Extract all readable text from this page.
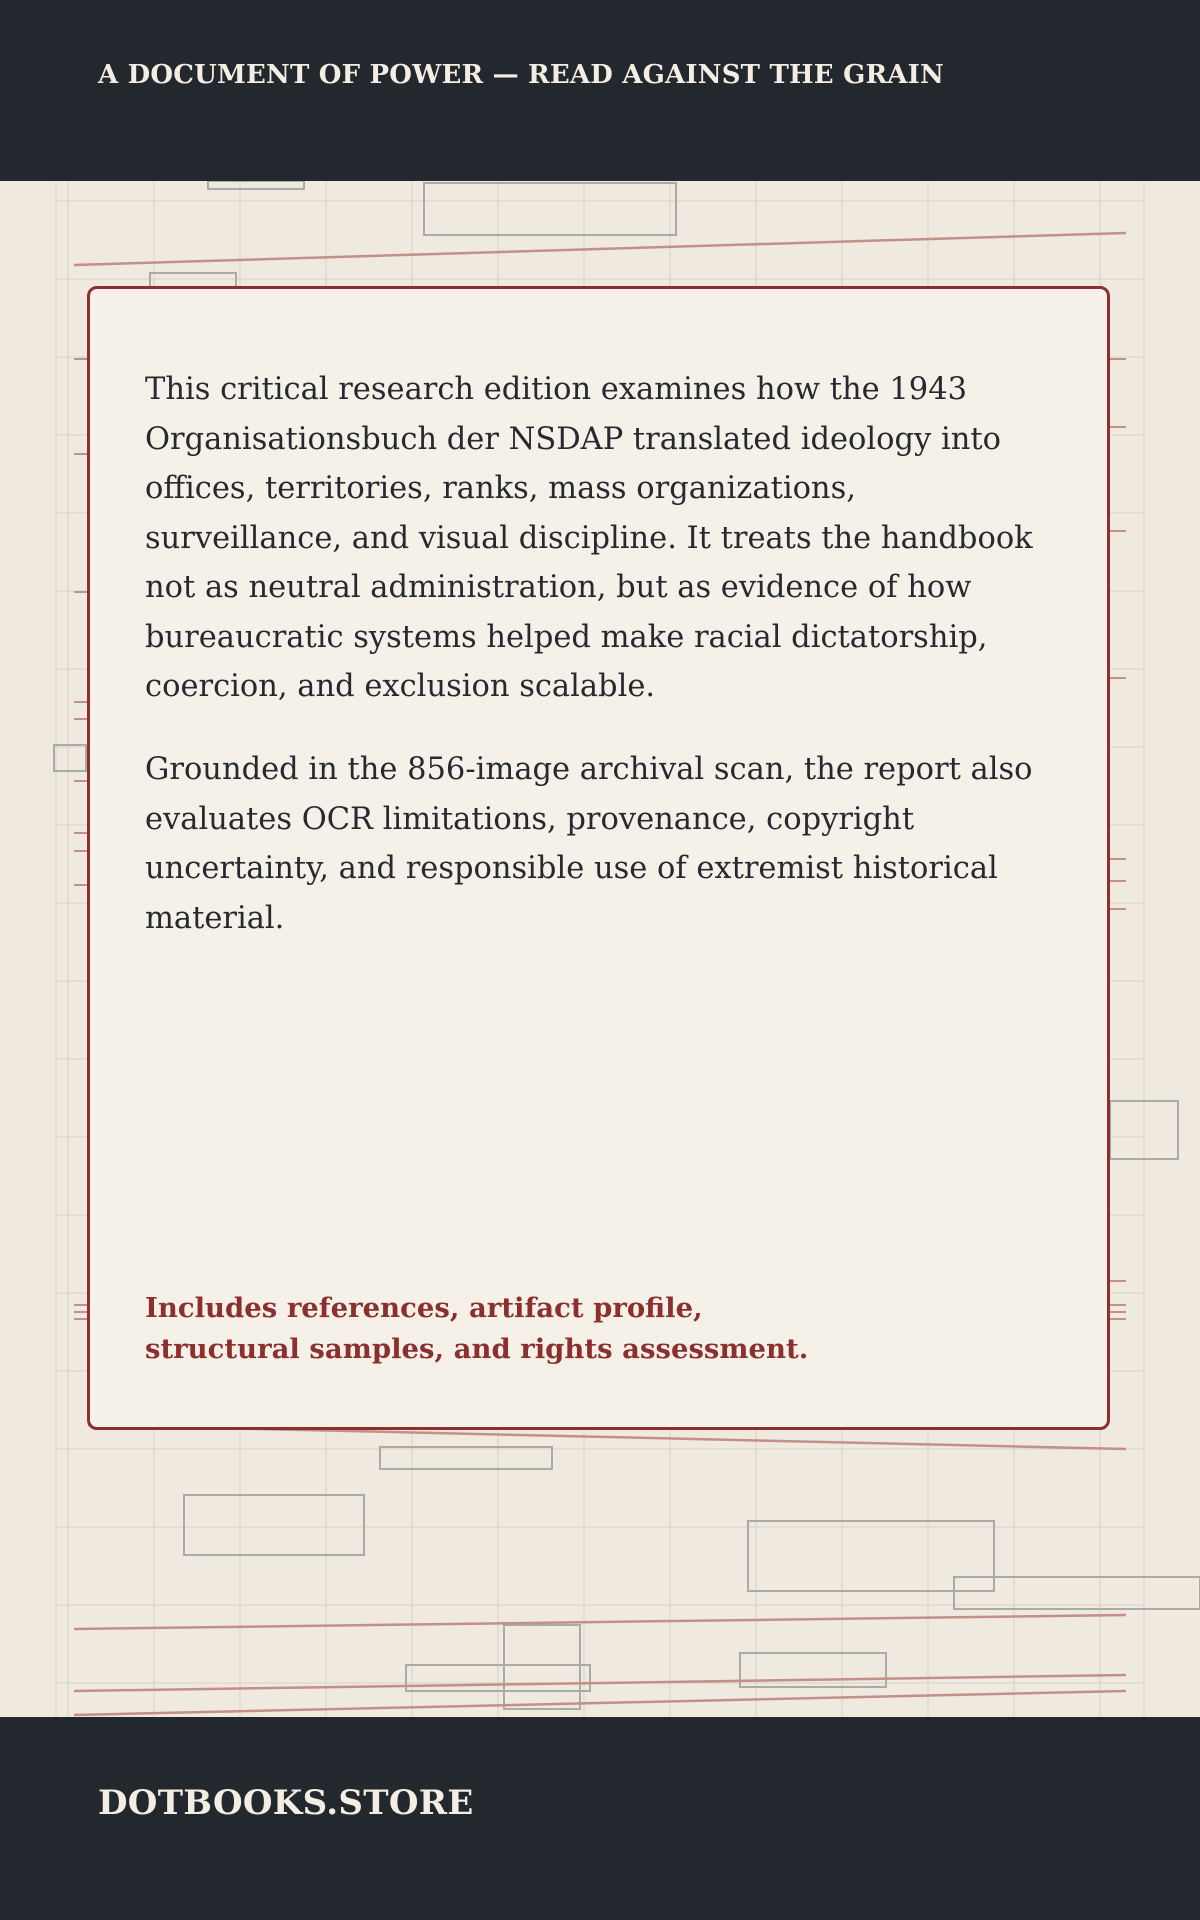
A DOCUMENT OF POWER — READ AGAINST THE GRAIN

This critical research edition examines how the 1943 Organisationsbuch der NSDAP translated ideology into offices, territories, ranks, mass organizations, surveillance, and visual discipline. It treats the handbook not as neutral administration, but as evidence of how bureaucratic systems helped make racial dictatorship, coercion, and exclusion scalable.

Grounded in the 856-image archival scan, the report also evaluates OCR limitations, provenance, copyright uncertainty, and responsible use of extremist historical material.

Includes references, artifact profile,
structural samples, and rights assessment.

DOTBOOKS.STORE
